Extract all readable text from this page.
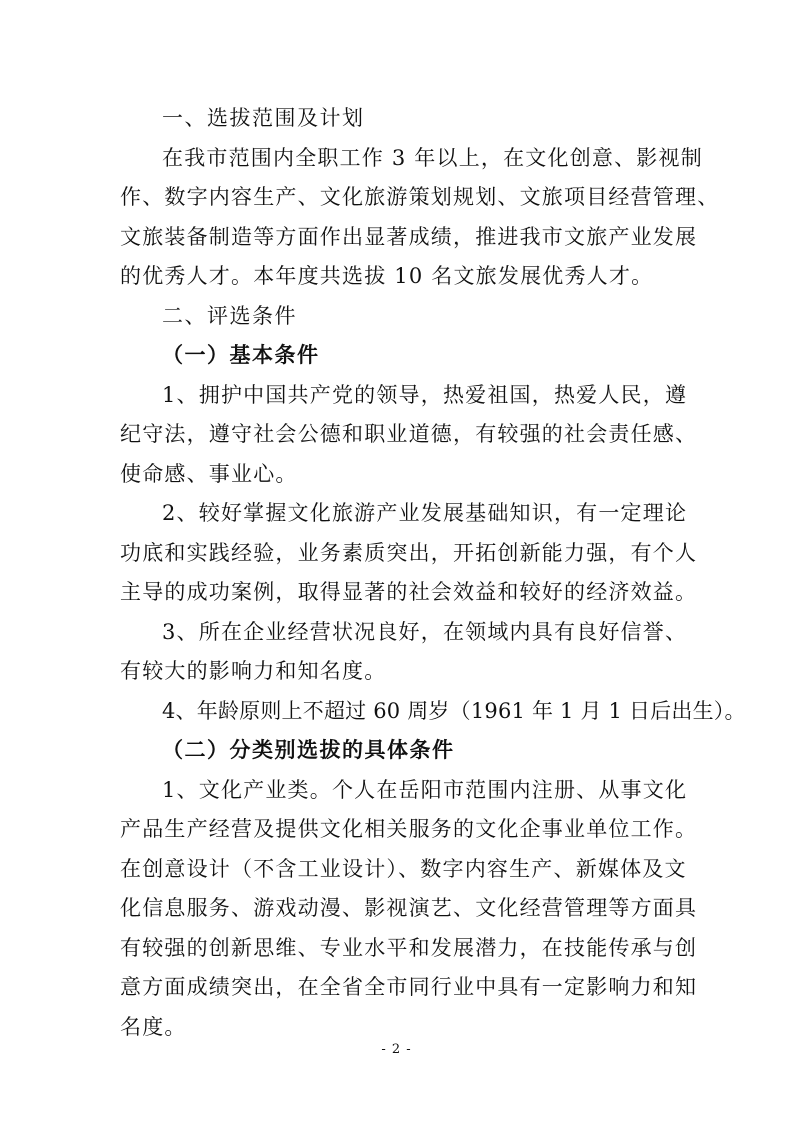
一、选拔范围及计划
在我市范围内全职工作 3 年以上，在文化创意、影视制
作、数字内容生产、文化旅游策划规划、文旅项目经营管理、
文旅装备制造等方面作出显著成绩，推进我市文旅产业发展
的优秀人才。本年度共选拔 10 名文旅发展优秀人才。
二、评选条件
（一）基本条件
1、拥护中国共产党的领导，热爱祖国，热爱人民，遵
纪守法，遵守社会公德和职业道德，有较强的社会责任感、
使命感、事业心。
2、较好掌握文化旅游产业发展基础知识，有一定理论
功底和实践经验，业务素质突出，开拓创新能力强，有个人
主导的成功案例，取得显著的社会效益和较好的经济效益。
3、所在企业经营状况良好，在领域内具有良好信誉、
有较大的影响力和知名度。
4、年龄原则上不超过 60 周岁（1961 年 1 月 1 日后出生）。
（二）分类别选拔的具体条件
1、文化产业类。个人在岳阳市范围内注册、从事文化
产品生产经营及提供文化相关服务的文化企事业单位工作。
在创意设计（不含工业设计）、数字内容生产、新媒体及文
化信息服务、游戏动漫、影视演艺、文化经营管理等方面具
有较强的创新思维、专业水平和发展潜力，在技能传承与创
- 2 -
意方面成绩突出，在全省全市同行业中具有一定影响力和知
名度。
